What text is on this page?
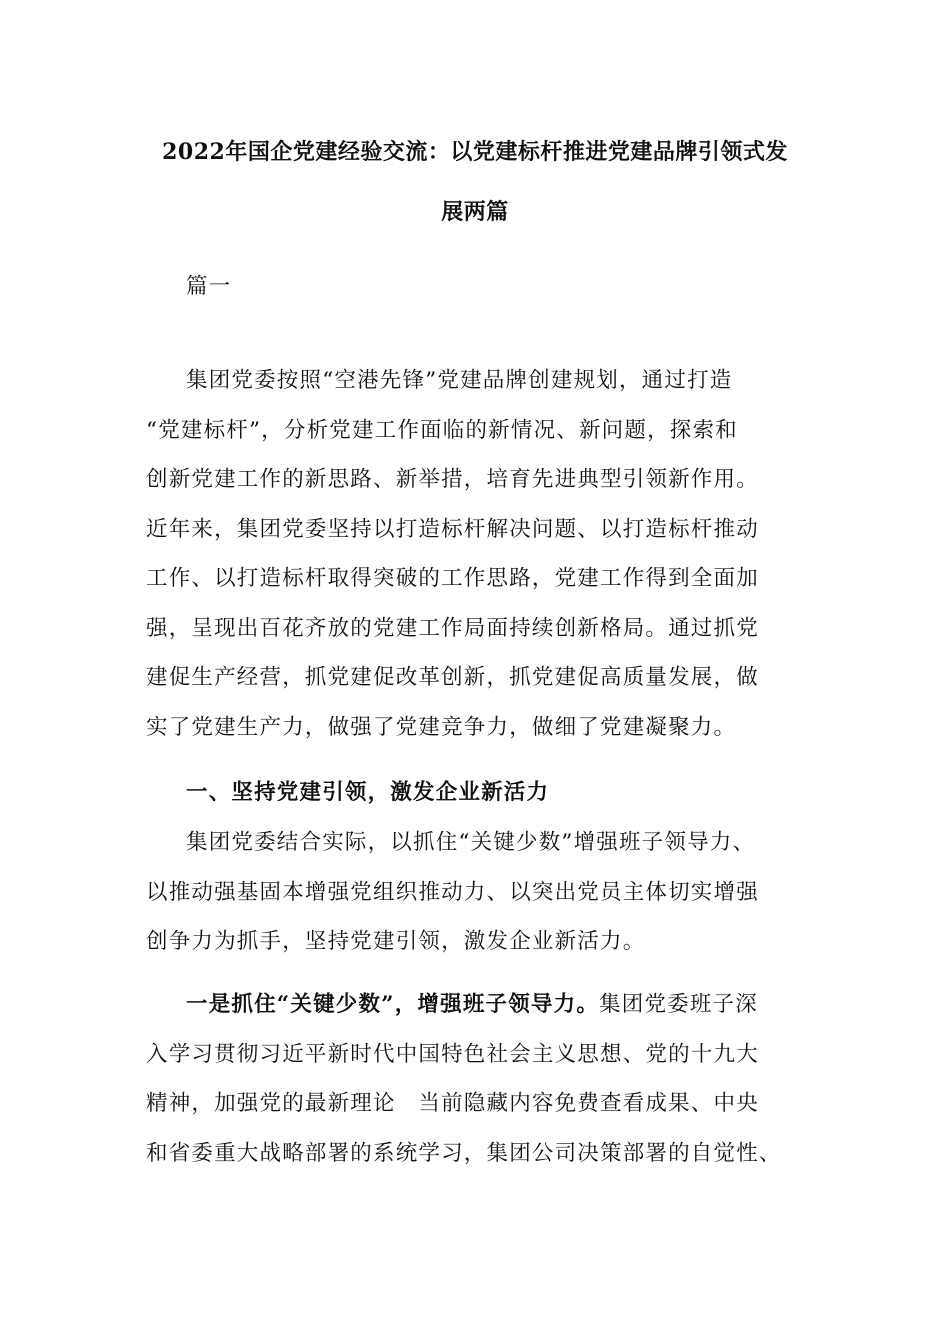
2022年国企党建经验交流：以党建标杆推进党建品牌引领式发
展两篇

篇一

集团党委按照“空港先锋”党建品牌创建规划，通过打造
“党建标杆”，分析党建工作面临的新情况、新问题，探索和
创新党建工作的新思路、新举措，培育先进典型引领新作用。
近年来，集团党委坚持以打造标杆解决问题、以打造标杆推动
工作、以打造标杆取得突破的工作思路，党建工作得到全面加
强，呈现出百花齐放的党建工作局面持续创新格局。通过抓党
建促生产经营，抓党建促改革创新，抓党建促高质量发展，做
实了党建生产力，做强了党建竞争力，做细了党建凝聚力。

一、坚持党建引领，激发企业新活力

集团党委结合实际，以抓住“关键少数”增强班子领导力、
以推动强基固本增强党组织推动力、以突出党员主体切实增强
创争力为抓手，坚持党建引领，激发企业新活力。

一是抓住“关键少数”，增强班子领导力。集团党委班子深
入学习贯彻习近平新时代中国特色社会主义思想、党的十九大
精神，加强党的最新理论　当前隐藏内容免费查看成果、中央
和省委重大战略部署的系统学习，集团公司决策部署的自觉性、
